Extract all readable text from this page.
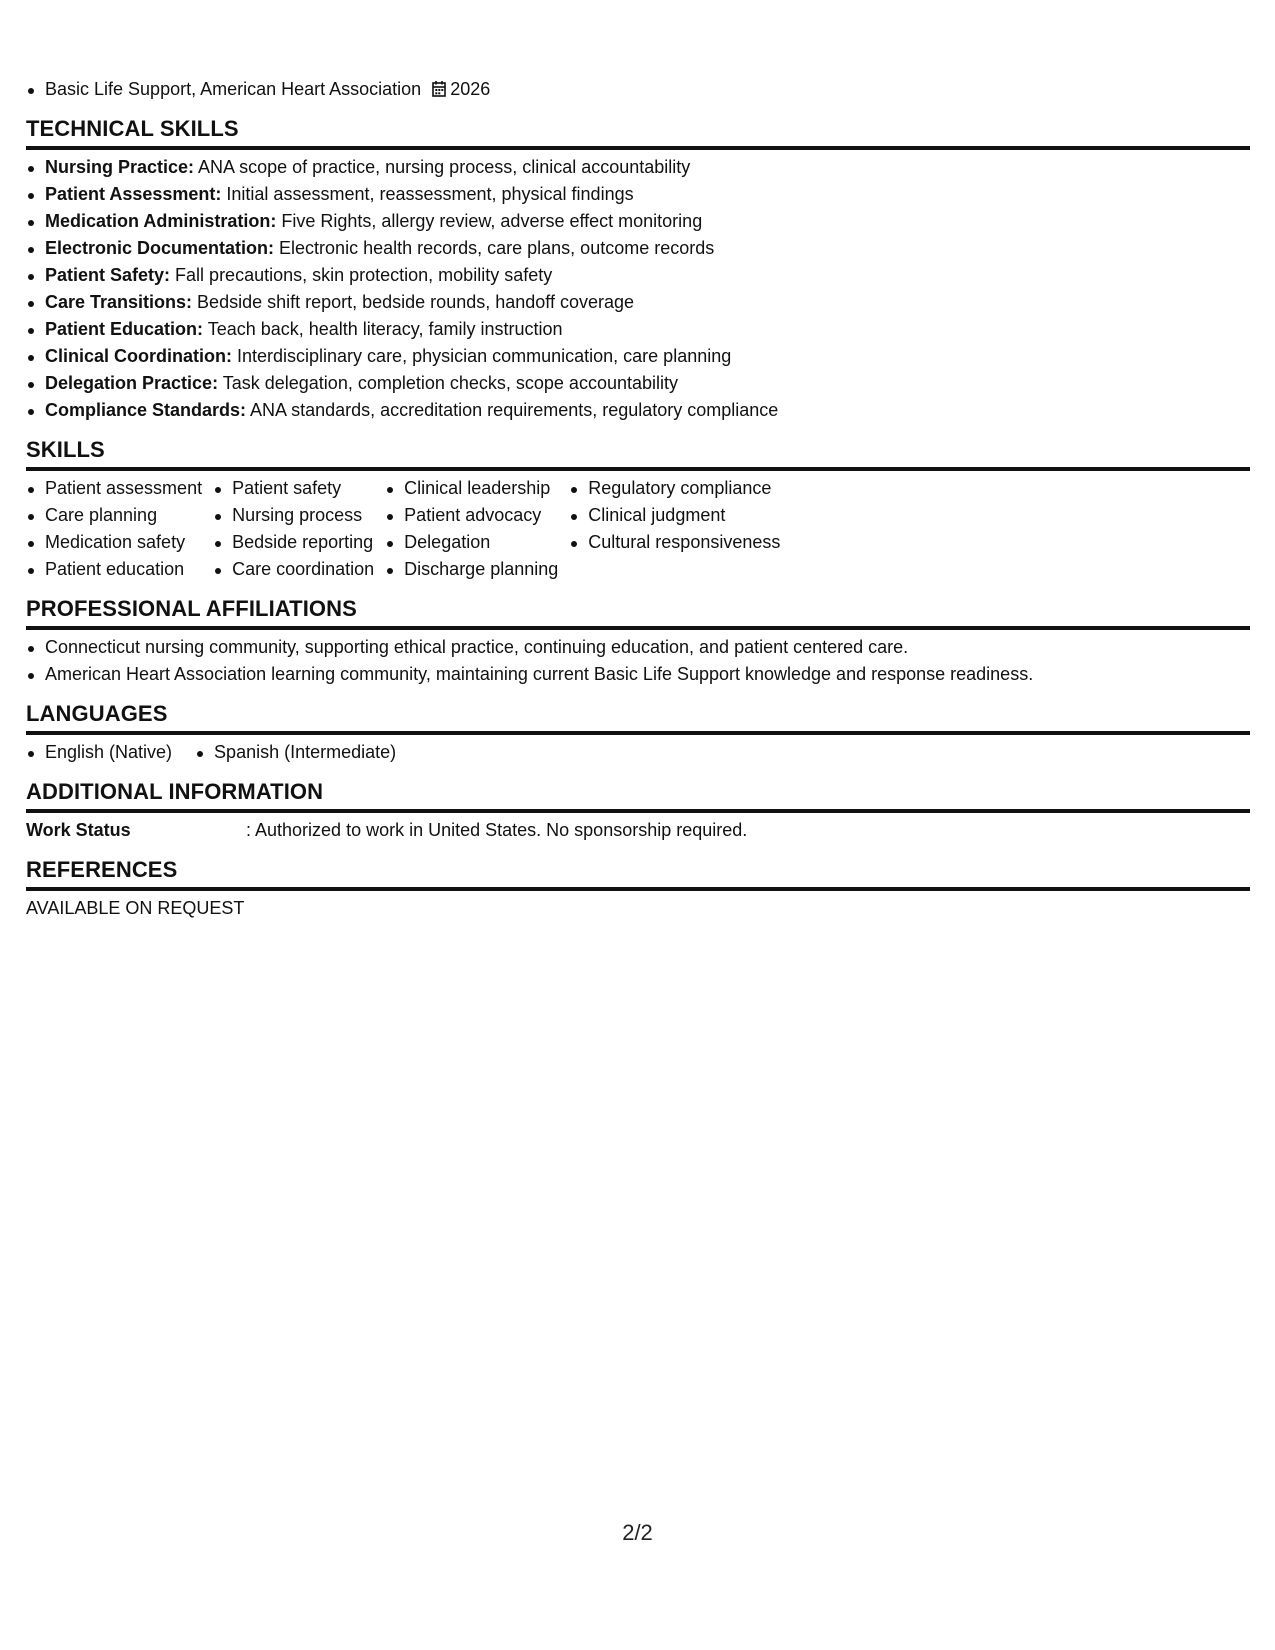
Basic Life Support, American Heart Association 2026
TECHNICAL SKILLS
Nursing Practice: ANA scope of practice, nursing process, clinical accountability
Patient Assessment: Initial assessment, reassessment, physical findings
Medication Administration: Five Rights, allergy review, adverse effect monitoring
Electronic Documentation: Electronic health records, care plans, outcome records
Patient Safety: Fall precautions, skin protection, mobility safety
Care Transitions: Bedside shift report, bedside rounds, handoff coverage
Patient Education: Teach back, health literacy, family instruction
Clinical Coordination: Interdisciplinary care, physician communication, care planning
Delegation Practice: Task delegation, completion checks, scope accountability
Compliance Standards: ANA standards, accreditation requirements, regulatory compliance
SKILLS
Patient assessment
Care planning
Medication safety
Patient education
Patient safety
Nursing process
Bedside reporting
Care coordination
Clinical leadership
Patient advocacy
Delegation
Discharge planning
Regulatory compliance
Clinical judgment
Cultural responsiveness
PROFESSIONAL AFFILIATIONS
Connecticut nursing community, supporting ethical practice, continuing education, and patient centered care.
American Heart Association learning community, maintaining current Basic Life Support knowledge and response readiness.
LANGUAGES
English (Native)	Spanish (Intermediate)
ADDITIONAL INFORMATION
Work Status	: Authorized to work in United States. No sponsorship required.
REFERENCES
AVAILABLE ON REQUEST
2/2
